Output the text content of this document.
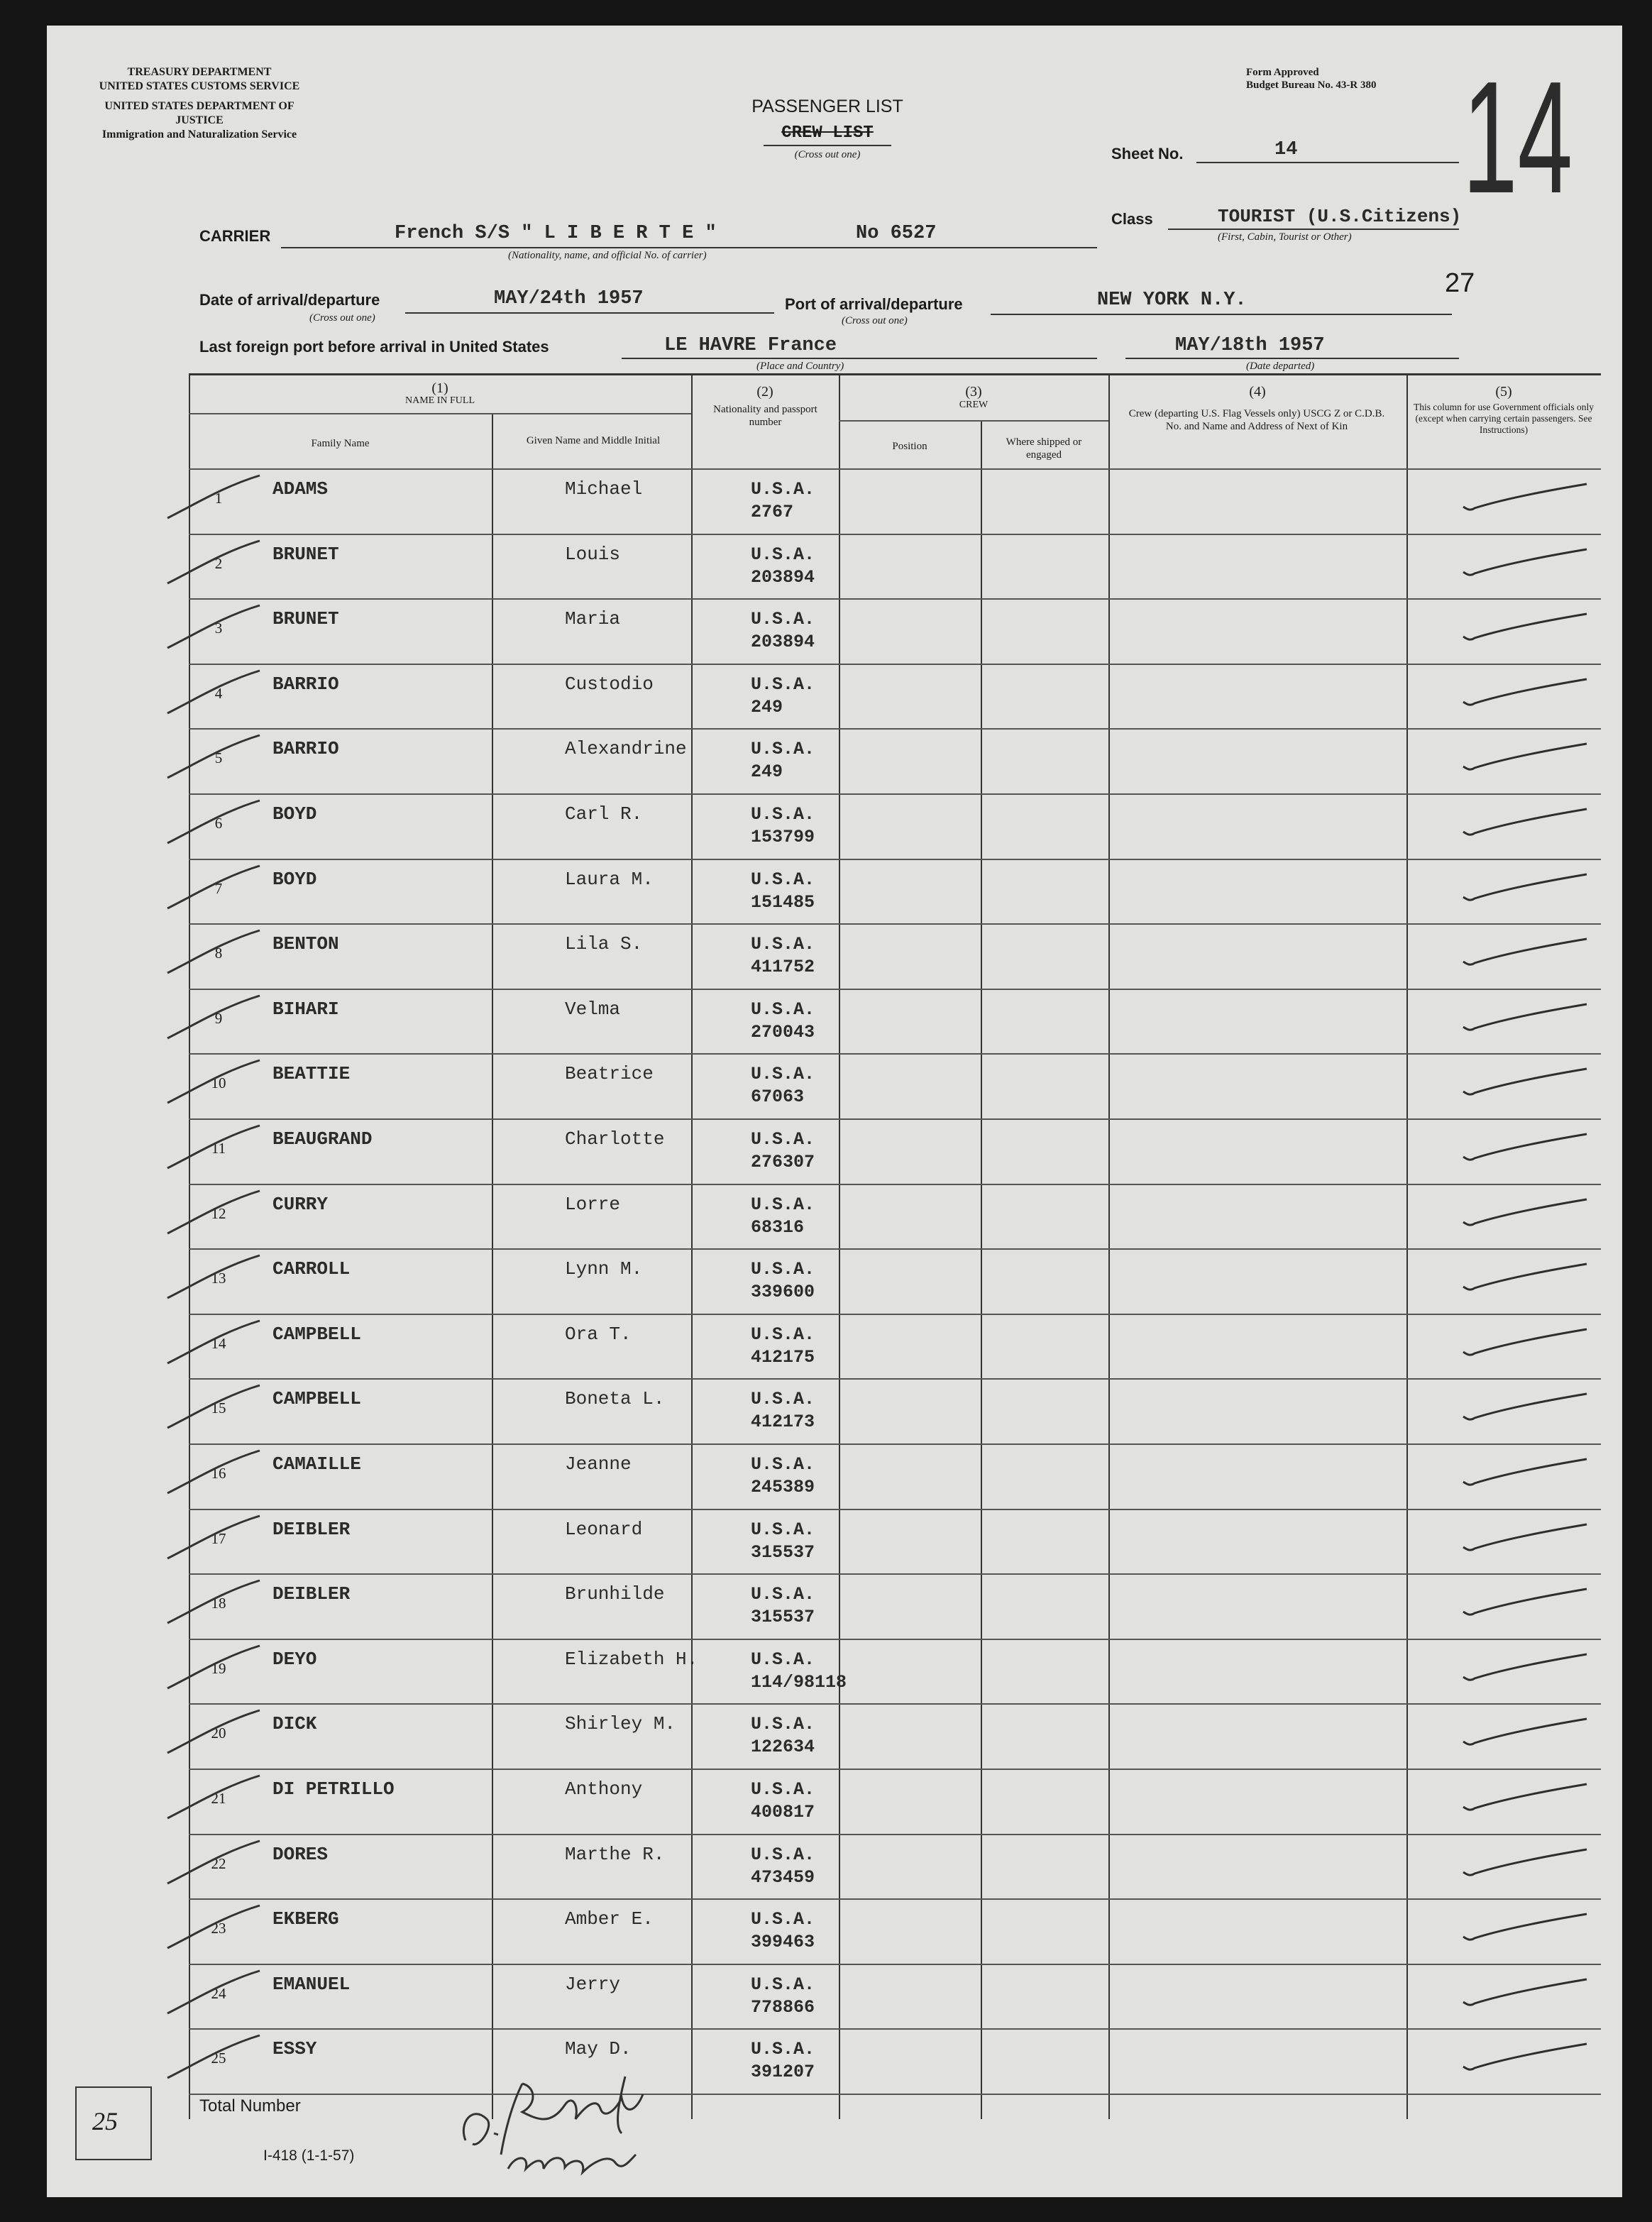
TREASURY DEPARTMENT
UNITED STATES CUSTOMS SERVICE
UNITED STATES DEPARTMENT OF JUSTICE
Immigration and Naturalization Service
PASSENGER LIST
CREW LIST
(Cross out one)
Form Approved
Budget Bureau No. 43-R 380 14
Sheet No.	14
Class	TOURIST (U.S.Citizens)
(First, Cabin, Tourist or Other)
CARRIER	French S/S " L I B E R T E "	No 6527
(Nationality, name, and official No. of carrier)
Date of arrival/departure
(Cross out one)
MAY/24th 1957	Port of arrival/departure
(Cross out one)
NEW YORK N.Y.
27
Last foreign port before arrival in United States	LE HAVRE France
(Place and Country)
MAY/18th 1957
(Date departed)
(1)
NAME IN FULL
Family Name	Given Name and Middle Initial
(2)
Nationality and passport number
(3)
CREW
Position	Where shipped or engaged
(4)
Crew (departing U.S. Flag Vessels only) USCG Z or C.D.B. No. and Name and Address of Next of Kin
(5)
This column for use Government officials only (except when carrying certain passengers. See Instructions)
1	ADAMS	Michael	U.S.A.
2767
2	BRUNET	Louis	U.S.A.
203894
3	BRUNET	Maria	U.S.A.
203894
4	BARRIO	Custodio	U.S.A.
249
5	BARRIO	Alexandrine	U.S.A.
249
6	BOYD	Carl R.	U.S.A.
153799
7	BOYD	Laura M.	U.S.A.
151485
8	BENTON	Lila S.	U.S.A.
411752
9	BIHARI	Velma	U.S.A.
270043
10	BEATTIE	Beatrice	U.S.A.
67063
11	BEAUGRAND	Charlotte	U.S.A.
276307
12	CURRY	Lorre	U.S.A.
68316
13	CARROLL	Lynn M.	U.S.A.
339600
14	CAMPBELL	Ora T.	U.S.A.
412175
15	CAMPBELL	Boneta L.	U.S.A.
412173
16	CAMAILLE	Jeanne	U.S.A.
245389
17	DEIBLER	Leonard	U.S.A.
315537
18	DEIBLER	Brunhilde	U.S.A.
315537
19	DEYO	Elizabeth H.	U.S.A.
114/98118
20	DICK	Shirley M.	U.S.A.
122634
21	DI PETRILLO	Anthony	U.S.A.
400817
22	DORES	Marthe R.	U.S.A.
473459
23	EKBERG	Amber E.	U.S.A.
399463
24	EMANUEL	Jerry	U.S.A.
778866
25	ESSY	May D.	U.S.A.
391207
25
Total Number
I-418 (1-1-57)
